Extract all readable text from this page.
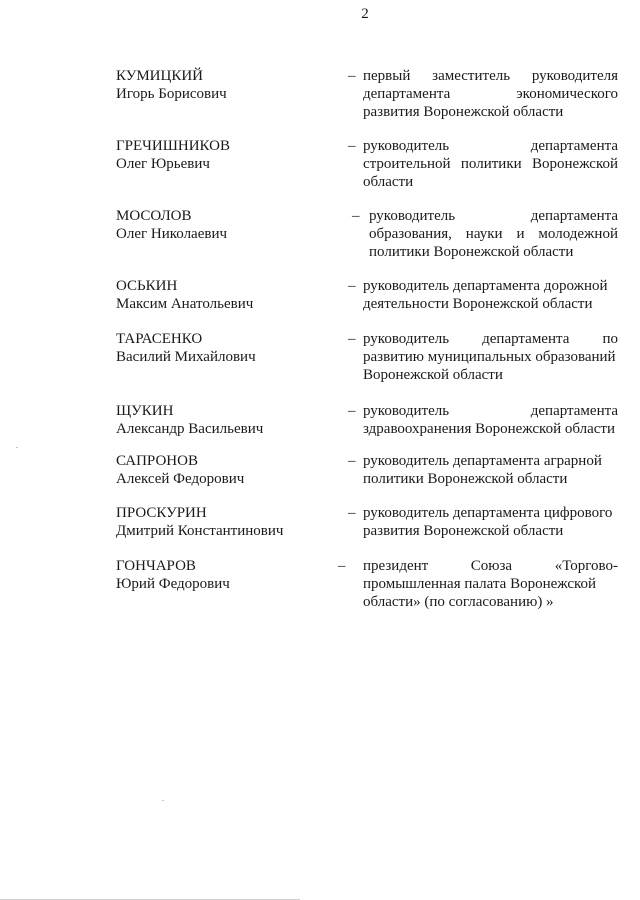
2
КУМИЦКИЙ
Игорь Борисович
– первый заместитель руководителя
департамента	экономического
развития Воронежской области
ГРЕЧИШНИКОВ
Олег Юрьевич
– руководитель	департамента
строительной политики Воронежской
области
МОСОЛОВ
Олег Николаевич
– руководитель	департамента
образования, науки и молодежной
политики Воронежской области
ОСЬКИН
Максим Анатольевич
– руководитель департамента дорожной
деятельности Воронежской области
ТАРАСЕНКО
Василий Михайлович
– руководитель департамента по
развитию муниципальных образований
Воронежской области
ЩУКИН
Александр Васильевич
– руководитель	департамента
здравоохранения Воронежской области
САПРОНОВ
Алексей Федорович
– руководитель департамента аграрной
политики Воронежской области
ПРОСКУРИН
Дмитрий Константинович
– руководитель департамента цифрового
развития Воронежской области
ГОНЧАРОВ
Юрий Федорович
– президент	Союза	«Торгово-
промышленная палата Воронежской
области» (по согласованию) »
